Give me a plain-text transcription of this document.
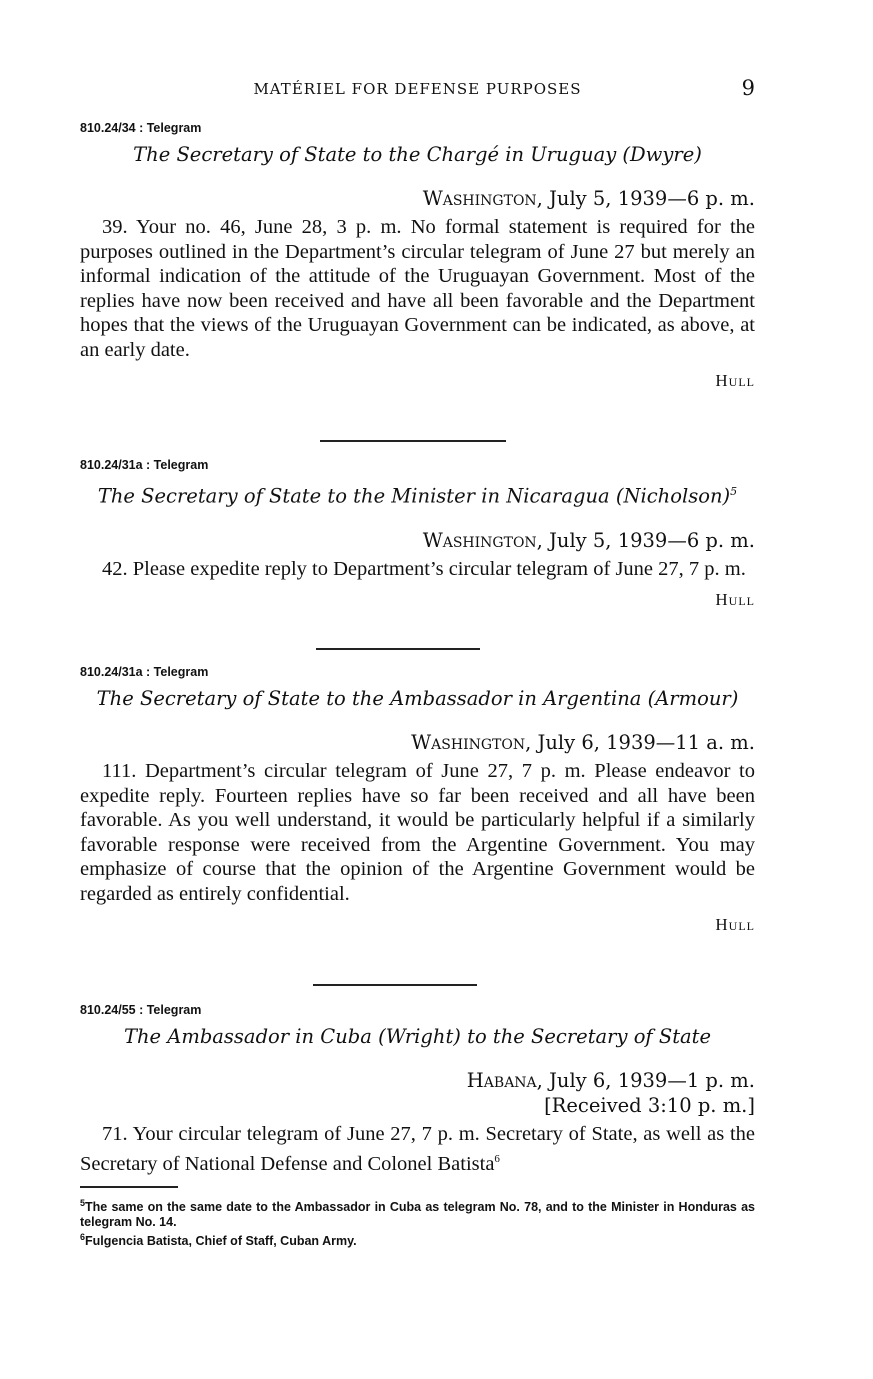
MATÉRIEL FOR DEFENSE PURPOSES	9
810.24/34 : Telegram
The Secretary of State to the Chargé in Uruguay (Dwyre)
Washington, July 5, 1939—6 p. m.
39. Your no. 46, June 28, 3 p. m. No formal statement is required for the purposes outlined in the Department’s circular telegram of June 27 but merely an informal indication of the attitude of the Uruguayan Government. Most of the replies have now been received and have all been favorable and the Department hopes that the views of the Uruguayan Government can be indicated, as above, at an early date.
Hull
810.24/31a : Telegram
The Secretary of State to the Minister in Nicaragua (Nicholson)$^5$
Washington, July 5, 1939—6 p. m.
42. Please expedite reply to Department’s circular telegram of June 27, 7 p. m.
Hull
810.24/31a : Telegram
The Secretary of State to the Ambassador in Argentina (Armour)
Washington, July 6, 1939—11 a. m.
111. Department’s circular telegram of June 27, 7 p. m. Please endeavor to expedite reply. Fourteen replies have so far been received and all have been favorable. As you well understand, it would be particularly helpful if a similarly favorable response were received from the Argentine Government. You may emphasize of course that the opinion of the Argentine Government would be regarded as entirely confidential.
Hull
810.24/55 : Telegram
The Ambassador in Cuba (Wright) to the Secretary of State
Habana, July 6, 1939—1 p. m.
[Received 3:10 p. m.]
71. Your circular telegram of June 27, 7 p. m. Secretary of State, as well as the Secretary of National Defense and Colonel Batista$^6$
$^5$The same on the same date to the Ambassador in Cuba as telegram No. 78, and to the Minister in Honduras as telegram No. 14.
$^6$Fulgencia Batista, Chief of Staff, Cuban Army.
